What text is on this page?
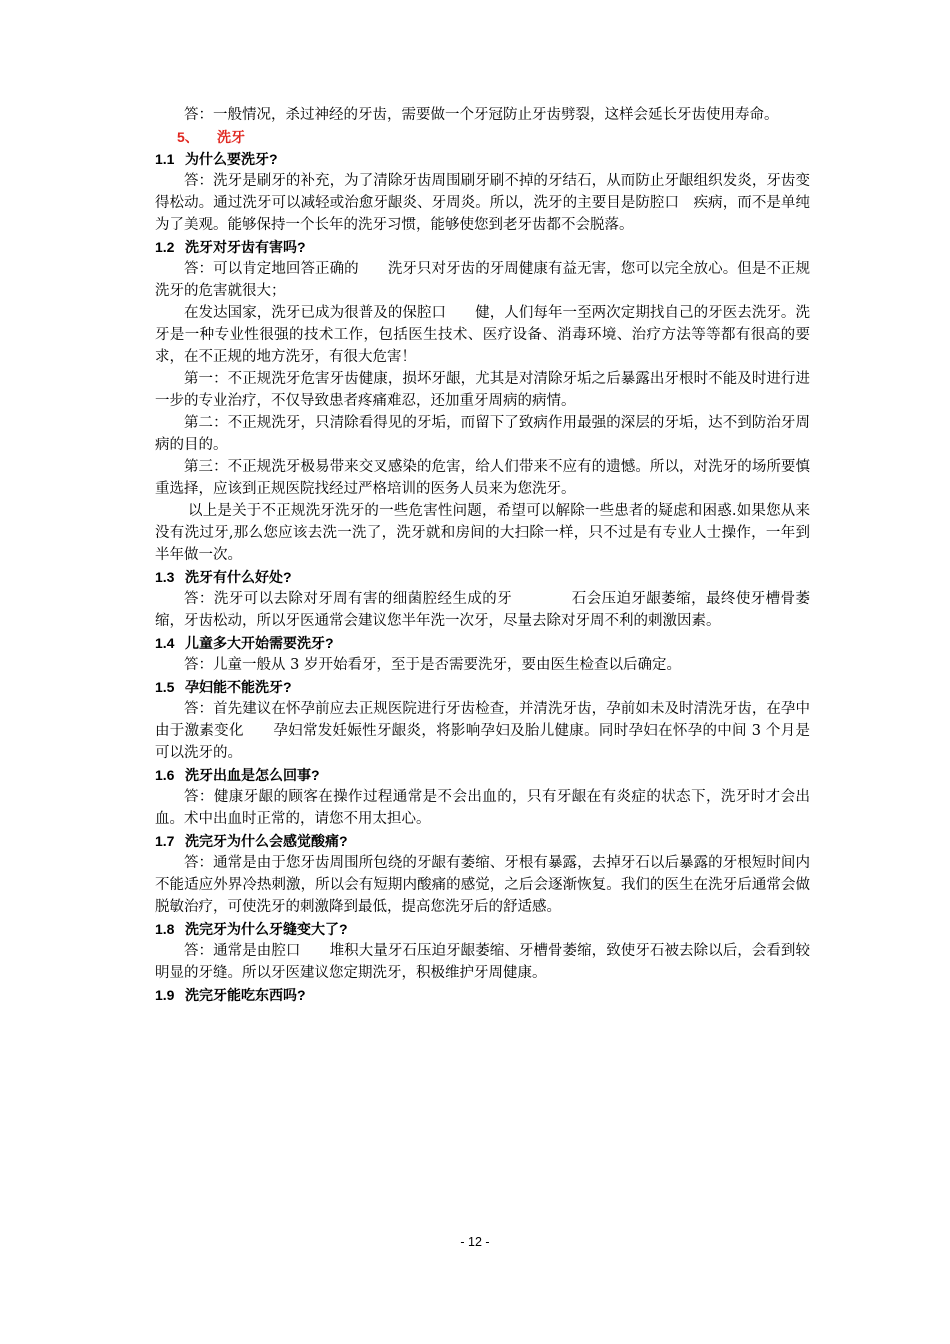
答：一般情况，杀过神经的牙齿，需要做一个牙冠防止牙齿劈裂，这样会延长牙齿使用寿命。

5、 洗牙
1.1 为什么要洗牙?

答：洗牙是刷牙的补充，为了清除牙齿周围刷牙刷不掉的牙结石，从而防止牙龈组织发炎，牙齿变得松动。通过洗牙可以减轻或治愈牙龈炎、牙周炎。所以，洗牙的主要目是防腔口　疾病，而不是单纯为了美观。能够保持一个长年的洗牙习惯，能够使您到老牙齿都不会脱落。

1.2 洗牙对牙齿有害吗?

答：可以肯定地回答正确的　　洗牙只对牙齿的牙周健康有益无害，您可以完全放心。但是不正规洗牙的危害就很大；

在发达国家，洗牙已成为很普及的保腔口　　健，人们每年一至两次定期找自己的牙医去洗牙。洗牙是一种专业性很强的技术工作，包括医生技术、医疗设备、消毒环境、治疗方法等等都有很高的要求，在不正规的地方洗牙，有很大危害！

第一：不正规洗牙危害牙齿健康，损坏牙龈，尤其是对清除牙垢之后暴露出牙根时不能及时进行进一步的专业治疗，不仅导致患者疼痛难忍，还加重牙周病的病情。

第二：不正规洗牙，只清除看得见的牙垢，而留下了致病作用最强的深层的牙垢，达不到防治牙周病的目的。

第三：不正规洗牙极易带来交叉感染的危害，给人们带来不应有的遗憾。所以，对洗牙的场所要慎重选择，应该到正规医院找经过严格培训的医务人员来为您洗牙。

以上是关于不正规洗牙洗牙的一些危害性问题，希望可以解除一些患者的疑虑和困惑.如果您从来没有洗过牙,那么您应该去洗一洗了，洗牙就和房间的大扫除一样，只不过是有专业人士操作，一年到半年做一次。

1.3 洗牙有什么好处?

答：洗牙可以去除对牙周有害的细菌腔经生成的牙　　　　石会压迫牙龈萎缩，最终使牙槽骨萎缩，牙齿松动，所以牙医通常会建议您半年洗一次牙，尽量去除对牙周不利的刺激因素。

1.4 儿童多大开始需要洗牙?

答：儿童一般从 3 岁开始看牙，至于是否需要洗牙，要由医生检查以后确定。

1.5 孕妇能不能洗牙?

答：首先建议在怀孕前应去正规医院进行牙齿检查，并清洗牙齿，孕前如未及时清洗牙齿，在孕中由于激素变化　　孕妇常发妊娠性牙龈炎，将影响孕妇及胎儿健康。同时孕妇在怀孕的中间 3 个月是可以洗牙的。

1.6 洗牙出血是怎么回事?

答：健康牙龈的顾客在操作过程通常是不会出血的，只有牙龈在有炎症的状态下，洗牙时才会出血。术中出血时正常的，请您不用太担心。

1.7 洗完牙为什么会感觉酸痛?

答：通常是由于您牙齿周围所包绕的牙龈有萎缩、牙根有暴露，去掉牙石以后暴露的牙根短时间内不能适应外界冷热刺激，所以会有短期内酸痛的感觉，之后会逐渐恢复。我们的医生在洗牙后通常会做脱敏治疗，可使洗牙的刺激降到最低，提高您洗牙后的舒适感。

1.8 洗完牙为什么牙缝变大了?

答：通常是由腔口　　堆积大量牙石压迫牙龈萎缩、牙槽骨萎缩，致使牙石被去除以后，会看到较明显的牙缝。所以牙医建议您定期洗牙，积极维护牙周健康。

1.9 洗完牙能吃东西吗?
- 12 -
